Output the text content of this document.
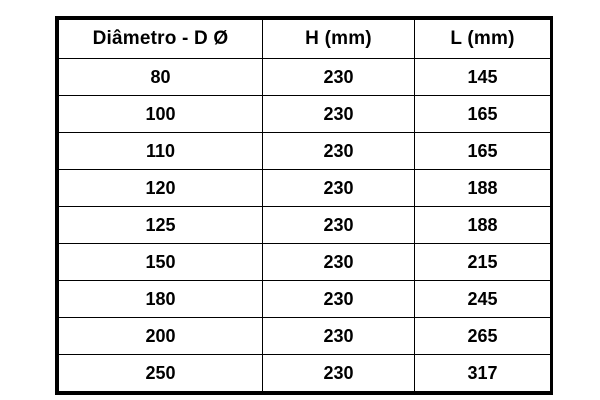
Diâmetro - D Ø	H (mm)	L (mm)
80	230	145
100	230	165
110	230	165
120	230	188
125	230	188
150	230	215
180	230	245
200	230	265
250	230	317
